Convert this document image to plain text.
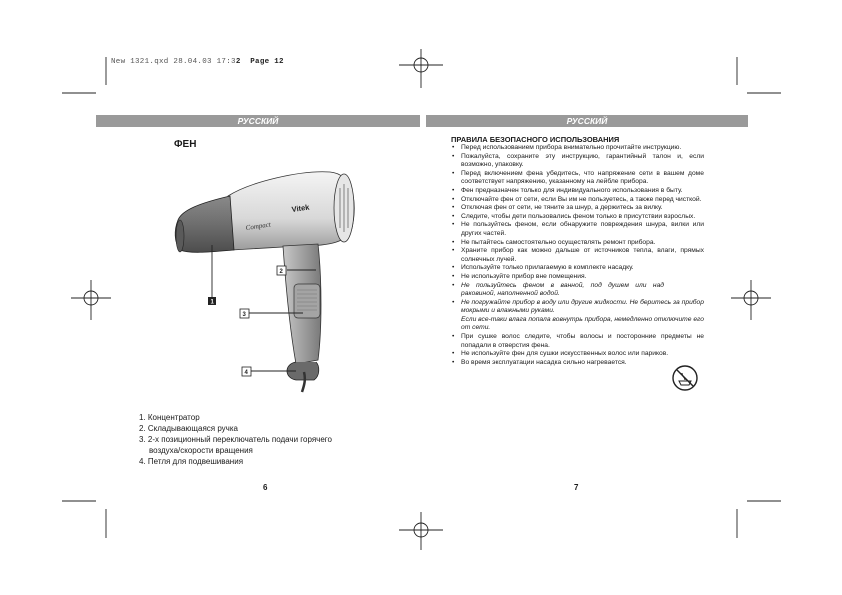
New 1321.qxd 28.04.03 17:32 Page 12
Compact
Vitek
1
2
3
4
РУССКИЙ	РУССКИЙ
ФЕН
1. Концентратор
2. Складывающаяся ручка
3. 2-х позиционный переключатель подачи горячего
воздуха/скорости вращения
4. Петля для подвешивания
6
ПРАВИЛА БЕЗОПАСНОГО ИСПОЛЬЗОВАНИЯ
• Перед использованием прибора внимательно прочитайте инструкцию.
• Пожалуйста, сохраните эту инструкцию, гарантийный талон и, если возможно, упаковку.
• Перед включением фена убедитесь, что напряжение сети в вашем доме соответствует напряжению, указанному на лейбле прибора.
• Фен предназначен только для индивидуального использования в быту.
• Отключайте фен от сети, если Вы им не пользуетесь, а также перед чисткой.
• Отключая фен от сети, не тяните за шнур, а держитесь за вилку.
• Следите, чтобы дети пользовались феном только в присутствии взрослых.
• Не пользуйтесь феном, если обнаружите повреждения шнура, вилки или других частей.
• Не пытайтесь самостоятельно осуществлять ремонт прибора.
• Храните прибор как можно дальше от источников тепла, влаги, прямых солнечных лучей.
• Используйте только прилагаемую в комплекте насадку.
• Не используйте прибор вне помещения.
• Не пользуйтесь феном в ванной, под душем или над раковиной, наполненной водой.
• Не погружайте прибор в воду или другие жидкости. Не беритесь за прибор мокрыми и влажными руками.
Если все-таки влага попала вовнутрь прибора, немедленно отключите его от сети.
• При сушке волос следите, чтобы волосы и посторонние предметы не попадали в отверстия фена.
• Не используйте фен для сушки искусственных волос или париков.
• Во время эксплуатации насадка сильно нагревается.
7
